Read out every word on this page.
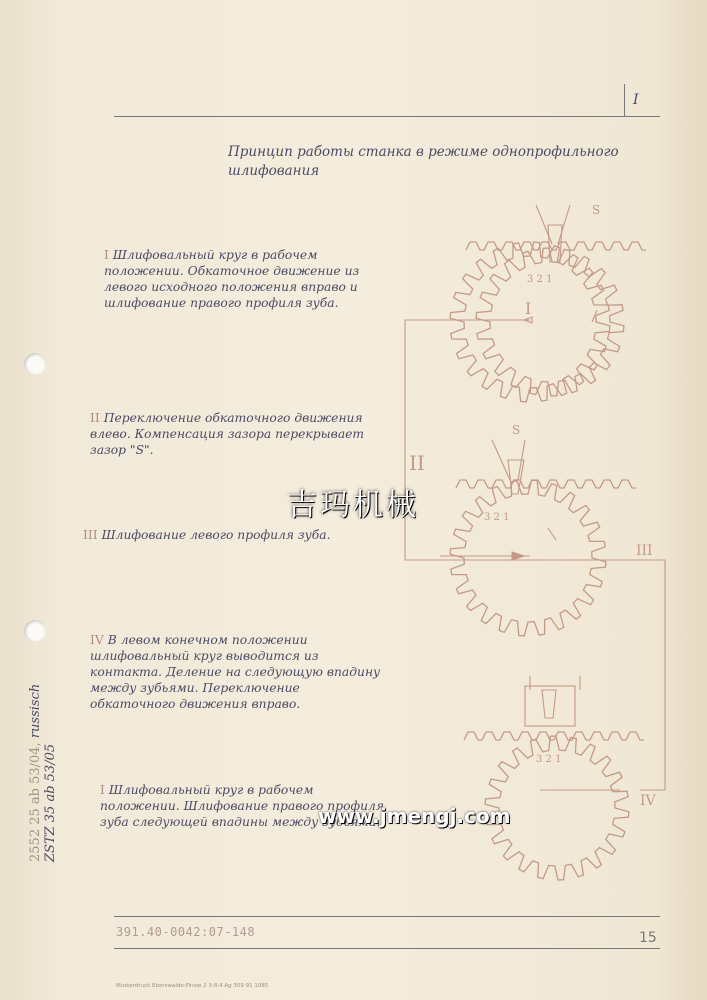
I
Принцип работы станка в режиме однопрофильного шлифования
I Шлифовальный круг в рабочем положении. Обкаточное движение из левого исходного положения вправо и шлифование правого профиля зуба.
II Переключение обкаточного движения влево. Компенсация зазора перекрывает зазор "S".
III Шлифование левого профиля зуба.
IV В левом конечном положении шлифовальный круг выводится из контакта. Деление на следующую впадину между зубьями. Переключение обкаточного движения вправо.
I Шлифовальный круг в рабочем положении. Шлифование правого профиля зуба следующей впадины между зубьями.
I
II
III
IV
S
S
3 2 1
3 2 1
3 2 1
吉玛机械
www.jmengj.com
2552 25 ab 53/04, russisch
ZSTZ 35 ab 53/05
391.40-0042:07-148	15
Musterdruck Eberswalde-Finow 2 3-8.4 Ag 309 91 1085
